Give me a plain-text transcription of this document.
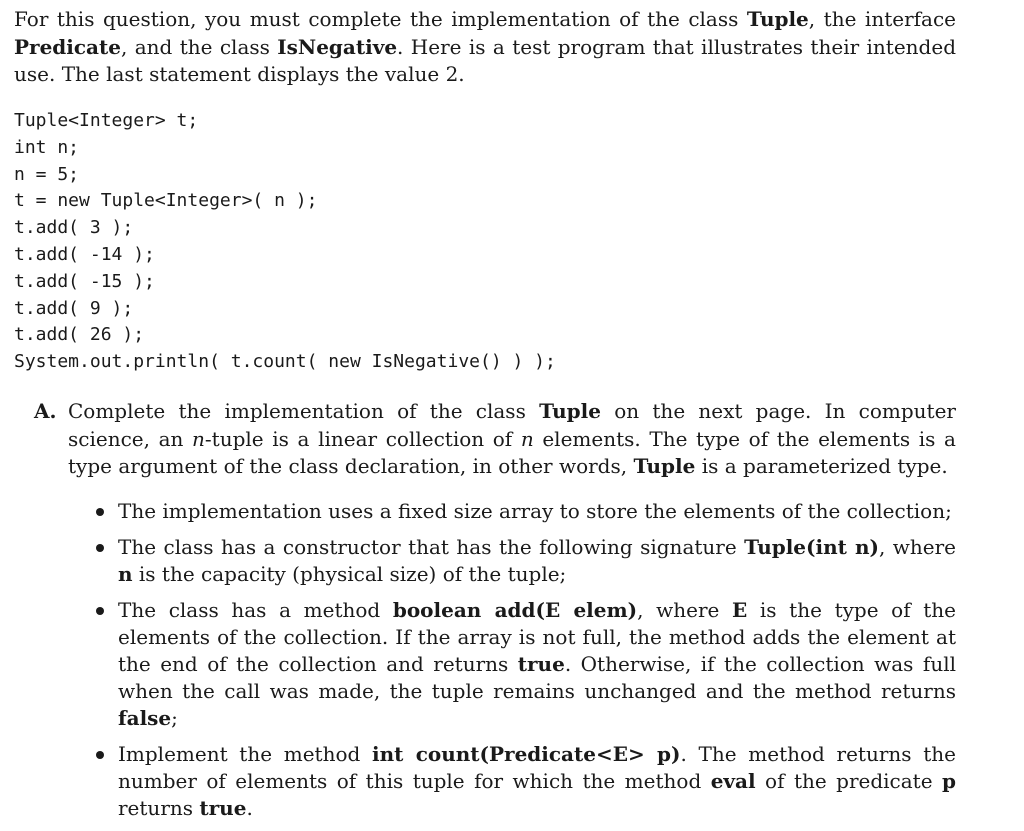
For this question, you must complete the implementation of the class Tuple, the interface Predicate, and the class IsNegative. Here is a test program that illustrates their intended use. The last statement displays the value 2.

Tuple<Integer> t;
int n;
n = 5;
t = new Tuple<Integer>( n );
t.add( 3 );
t.add( -14 );
t.add( -15 );
t.add( 9 );
t.add( 26 );
System.out.println( t.count( new IsNegative() ) );
A. Complete the implementation of the class Tuple on the next page. In computer science, an n-tuple is a linear collection of n elements. The type of the elements is a type argument of the class declaration, in other words, Tuple is a parameterized type.
The implementation uses a fixed size array to store the elements of the collection;
The class has a constructor that has the following signature Tuple(int n), where n is the capacity (physical size) of the tuple;
The class has a method boolean add(E elem), where E is the type of the elements of the collection. If the array is not full, the method adds the element at the end of the collection and returns true. Otherwise, if the collection was full when the call was made, the tuple remains unchanged and the method returns false;
Implement the method int count(Predicate<E> p). The method returns the number of elements of this tuple for which the method eval of the predicate p returns true.
